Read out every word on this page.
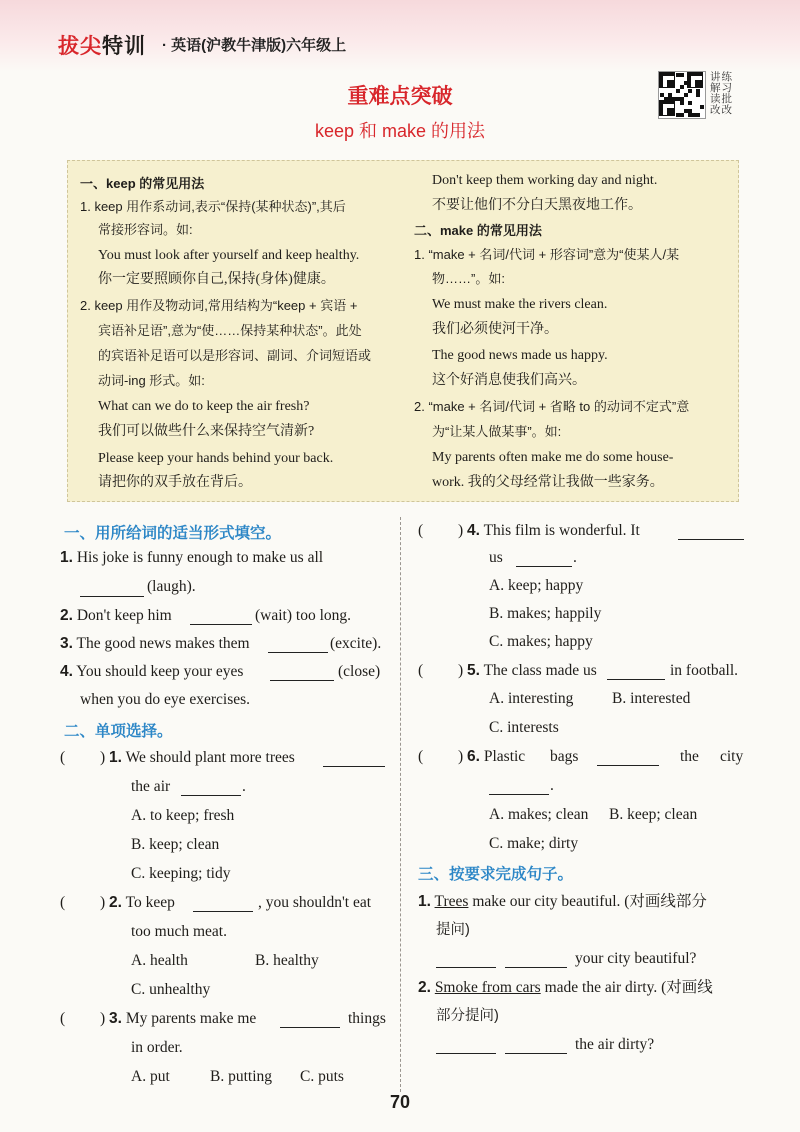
拔尖特训 · 英语(沪教牛津版)六年级上
讲练
解习
读批
改改
重难点突破
keep 和 make 的用法
一、keep 的常见用法
1. keep 用作系动词,表示“保持(某种状态)”,其后
常接形容词。如:
You must look after yourself and keep healthy.
你一定要照顾你自己,保持(身体)健康。
2. keep 用作及物动词,常用结构为“keep + 宾语 +
宾语补足语”,意为“使……保持某种状态”。此处
的宾语补足语可以是形容词、副词、介词短语或
动词-ing 形式。如:
What can we do to keep the air fresh?
我们可以做些什么来保持空气清新?
Please keep your hands behind your back.
请把你的双手放在背后。
Don't keep them working day and night.
不要让他们不分白天黑夜地工作。
二、make 的常见用法
1. “make + 名词/代词 + 形容词”意为“使某人/某
物……”。如:
We must make the rivers clean.
我们必须使河干净。
The good news made us happy.
这个好消息使我们高兴。
2. “make + 名词/代词 + 省略 to 的动词不定式”意
为“让某人做某事”。如:
My parents often make me do some house-
work. 我的父母经常让我做一些家务。
一、用所给词的适当形式填空。
1. His joke is funny enough to make us all
(laugh).
2. Don't keep him	(wait) too long.
3. The good news makes them	(excite).
4. You should keep your eyes	(close)
when you do eye exercises.
二、单项选择。
( ) 1. We should plant more trees
the air	.
A. to keep; fresh
B. keep; clean
C. keeping; tidy
( ) 2. To keep	, you shouldn't eat
too much meat.
A. health	B. healthy
C. unhealthy
( ) 3. My parents make me	things
in order.
A. put	B. putting C. puts
( ) 4. This film is wonderful. It
us	.
A. keep; happy
B. makes; happily
C. makes; happy
( ) 5. The class made us	in football.
A. interesting B. interested
C. interests
( ) 6. Plastic bags	the city
.
A. makes; clean B. keep; clean
C. make; dirty
三、按要求完成句子。
1. Trees make our city beautiful. (对画线部分
提问)
your city beautiful?
2. Smoke from cars made the air dirty. (对画线
部分提问)
the air dirty?
70
